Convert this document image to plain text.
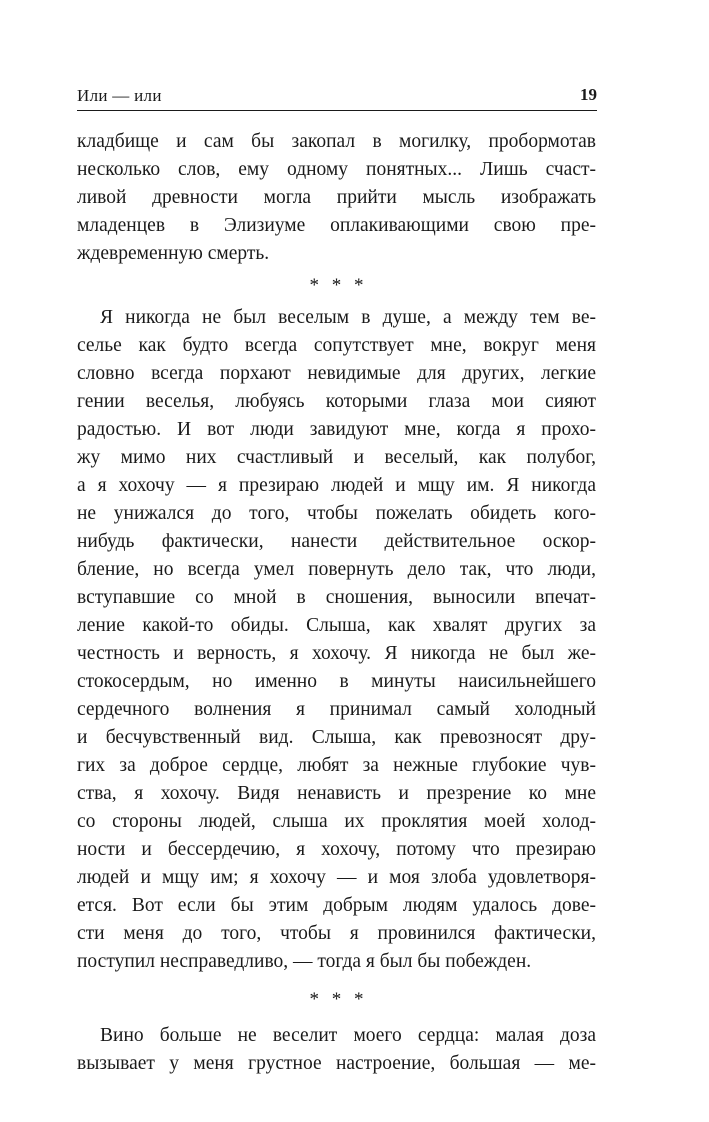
Или — или	19
кладбище и сам бы закопал в могилку, пробормотав
несколько слов, ему одному понятных... Лишь счаст-
ливой древности могла прийти мысль изображать
младенцев в Элизиуме оплакивающими свою пре-
ждевременную смерть.
* * *
Я никогда не был веселым в душе, а между тем ве-
селье как будто всегда сопутствует мне, вокруг меня
словно всегда порхают невидимые для других, легкие
гении веселья, любуясь которыми глаза мои сияют
радостью. И вот люди завидуют мне, когда я прохо-
жу мимо них счастливый и веселый, как полубог,
а я хохочу — я презираю людей и мщу им. Я никогда
не унижался до того, чтобы пожелать обидеть кого-
нибудь фактически, нанести действительное оскор-
бление, но всегда умел повернуть дело так, что люди,
вступавшие со мной в сношения, выносили впечат-
ление какой-то обиды. Слыша, как хвалят других за
честность и верность, я хохочу. Я никогда не был же-
стокосердым, но именно в минуты наисильнейшего
сердечного волнения я принимал самый холодный
и бесчувственный вид. Слыша, как превозносят дру-
гих за доброе сердце, любят за нежные глубокие чув-
ства, я хохочу. Видя ненависть и презрение ко мне
со стороны людей, слыша их проклятия моей холод-
ности и бессердечию, я хохочу, потому что презираю
людей и мщу им; я хохочу — и моя злоба удовлетворя-
ется. Вот если бы этим добрым людям удалось дове-
сти меня до того, чтобы я провинился фактически,
поступил несправедливо, — тогда я был бы побежден.
* * *
Вино больше не веселит моего сердца: малая доза
вызывает у меня грустное настроение, большая — ме-
